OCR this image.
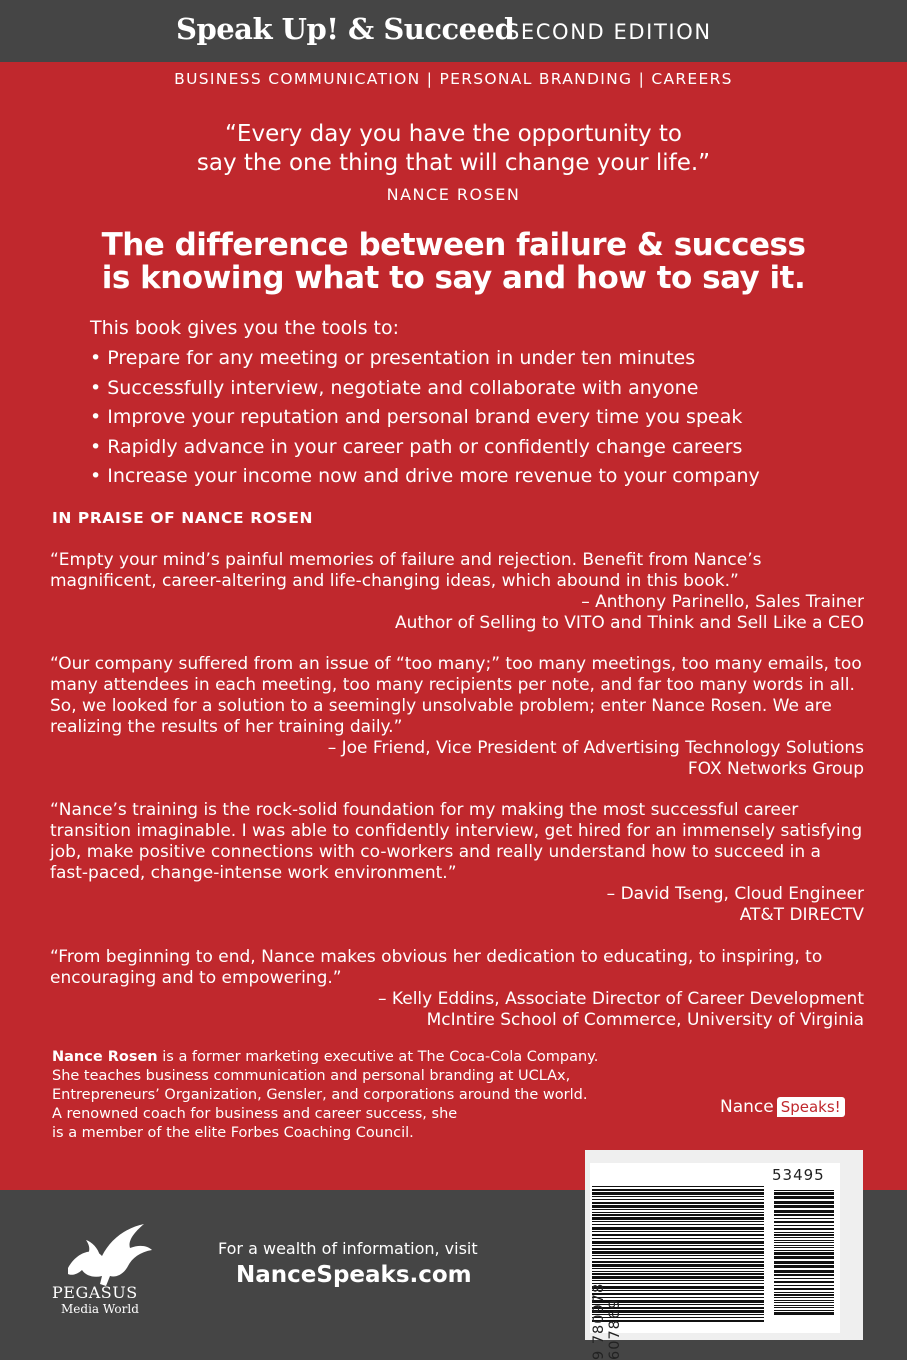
Speak Up! & Succeed
SECOND EDITION
BUSINESS COMMUNICATION | PERSONAL BRANDING | CAREERS
“Every day you have the opportunity to
say the one thing that will change your life.”
NANCE ROSEN
The difference between failure & success
is knowing what to say and how to say it.
This book gives you the tools to:
• Prepare for any meeting or presentation in under ten minutes
• Successfully interview, negotiate and collaborate with anyone
• Improve your reputation and personal brand every time you speak
• Rapidly advance in your career path or confidently change careers
• Increase your income now and drive more revenue to your company
IN PRAISE OF NANCE ROSEN

“Empty your mind’s painful memories of failure and rejection. Benefit from Nance’s magnificent, career-altering and life-changing ideas, which abound in this book.”

– Anthony Parinello, Sales Trainer

Author of Selling to VITO and Think and Sell Like a CEO

“Our company suffered from an issue of “too many;” too many meetings, too many emails, too many attendees in each meeting, too many recipients per note, and far too many words in all. So, we looked for a solution to a seemingly unsolvable problem; enter Nance Rosen. We are realizing the results of her training daily.”

– Joe Friend, Vice President of Advertising Technology Solutions

FOX Networks Group

“Nance’s training is the rock-solid foundation for my making the most successful career transition imaginable. I was able to confidently interview, get hired for an immensely satisfying job, make positive connections with co-workers and really understand how to succeed in a fast-paced, change-intense work environment.”

– David Tseng, Cloud Engineer

AT&T DIRECTV

“From beginning to end, Nance makes obvious her dedication to educating, to inspiring, to encouraging and to empowering.”

– Kelly Eddins, Associate Director of Career Development

McIntire School of Commerce, University of Virginia

Nance Rosen is a former marketing executive at The Coca-Cola Company.

She teaches business communication and personal branding at UCLAx,

Entrepreneurs’ Organization, Gensler, and corporations around the world.

A renowned coach for business and career success, she

is a member of the elite Forbes Coaching Council.

Nance Speaks!
PEGASUS
Media World
For a wealth of information, visit
NanceSpeaks.com
53495
9 780978 607869
